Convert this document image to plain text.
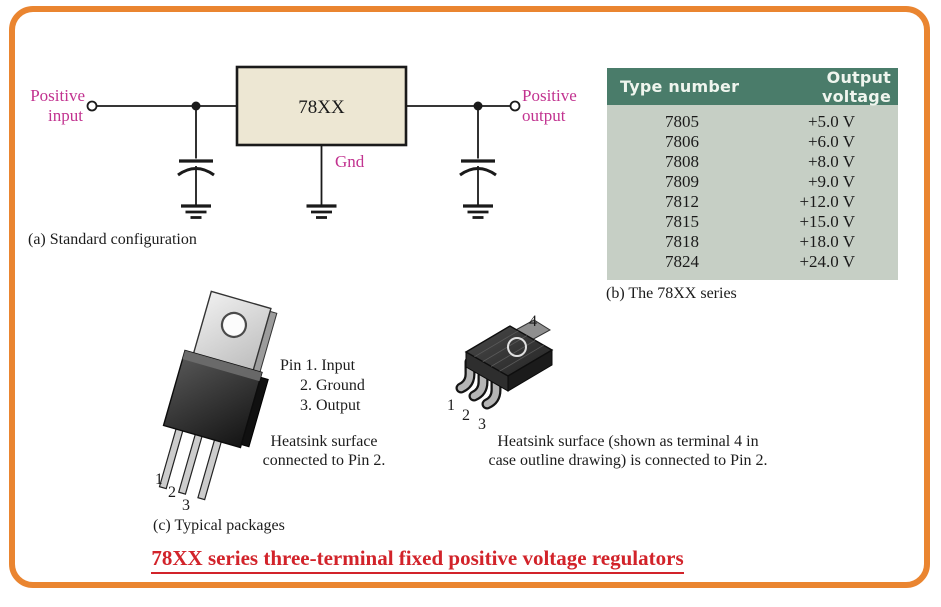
78XX
Positive
input
Positive
output
Gnd
(a) Standard configuration
Type number	Output voltage
7805	+5.0 V
7806	+6.0 V
7808	+8.0 V
7809	+9.0 V
7812	+12.0 V
7815	+15.0 V
7818	+18.0 V
7824	+24.0 V
(b) The 78XX series
1
2
3
1
2
3
4
Pin 1. Input
2. Ground
3. Output
Heatsink surface
connected to Pin 2.
Heatsink surface (shown as terminal 4 in
case outline drawing) is connected to Pin 2.
(c) Typical packages
78XX series three-terminal fixed positive voltage regulators
